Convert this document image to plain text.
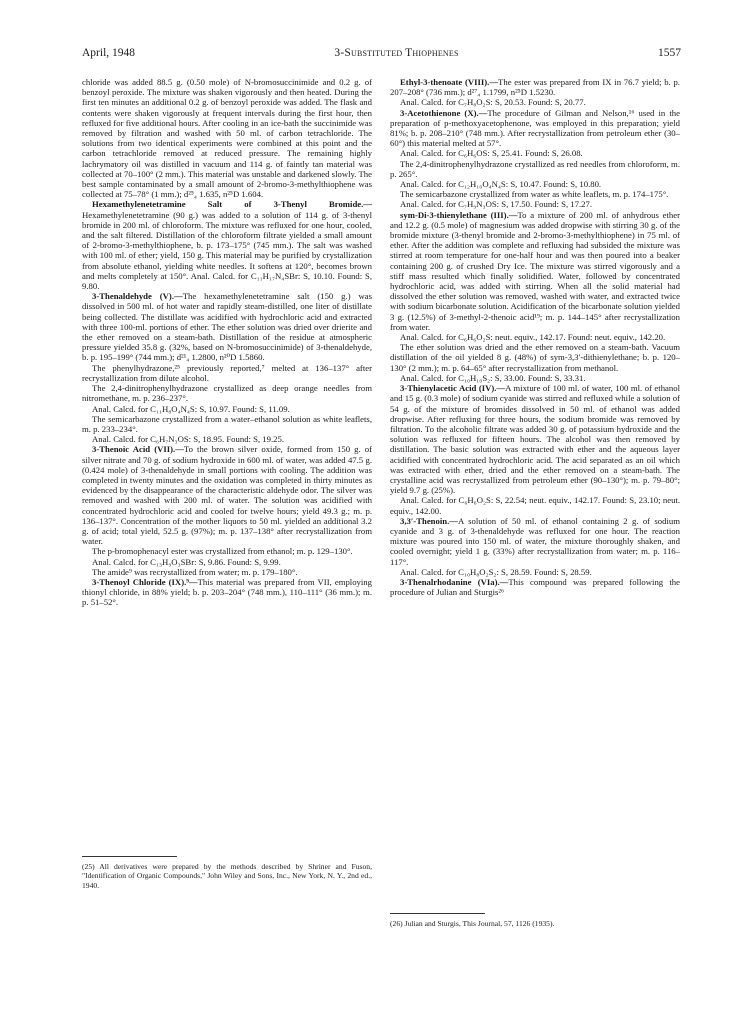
April, 1948	3-Substituted Thiophenes	1557

chloride was added 88.5 g. (0.50 mole) of N-bromosuccinimide and 0.2 g. of benzoyl peroxide. The mixture was shaken vigorously and then heated. During the first ten minutes an additional 0.2 g. of benzoyl peroxide was added. The flask and contents were shaken vigorously at frequent intervals during the first hour, then refluxed for five additional hours. After cooling in an ice-bath the succinimide was removed by filtration and washed with 50 ml. of carbon tetrachloride. The solutions from two identical experiments were combined at this point and the carbon tetrachloride removed at reduced pressure. The remaining highly lachrymatory oil was distilled in vacuum and 114 g. of faintly tan material was collected at 70–100° (2 mm.). This material was unstable and darkened slowly. The best sample contaminated by a small amount of 2-bromo-3-methylthiophene was collected at 75–78° (1 mm.); d²⁵₄ 1.635, n²⁵D 1.604.

Hexamethylenetetramine Salt of 3-Thenyl Bromide.—Hexamethylenetetramine (90 g.) was added to a solution of 114 g. of 3-thenyl bromide in 200 ml. of chloroform. The mixture was refluxed for one hour, cooled, and the salt filtered. Distillation of the chloroform filtrate yielded a small amount of 2-bromo-3-methylthiophene, b. p. 173–175° (745 mm.). The salt was washed with 100 ml. of ether; yield, 150 g. This material may be purified by crystallization from absolute ethanol, yielding white needles. It softens at 120°, becomes brown and melts completely at 150°. Anal. Calcd. for C₁₁H₁₇N₄SBr: S, 10.10. Found: S, 9.80.

3-Thenaldehyde (V).—The hexamethylenetetramine salt (150 g.) was dissolved in 500 ml. of hot water and rapidly steam-distilled, one liter of distillate being collected. The distillate was acidified with hydrochloric acid and extracted with three 100-ml. portions of ether. The ether solution was dried over drierite and the ether removed on a steam-bath. Distillation of the residue at atmospheric pressure yielded 35.8 g. (32%, based on N-bromosuccinimide) of 3-thenaldehyde, b. p. 195–199° (744 mm.); d²¹₄ 1.2800, n²⁰D 1.5860.

The phenylhydrazone,²⁵ previously reported,⁷ melted at 136–137° after recrystallization from dilute alcohol.

The 2,4-dinitrophenylhydrazone crystallized as deep orange needles from nitromethane, m. p. 236–237°.

Anal. Calcd. for C₁₁H₈O₄N₄S: S, 10.97. Found: S, 11.09.

The semicarbazone crystallized from a water–ethanol solution as white leaflets, m. p. 233–234°.

Anal. Calcd. for C₆H₇N₃OS: S, 18.95. Found: S, 19.25.

3-Thenoic Acid (VII).—To the brown silver oxide, formed from 150 g. of silver nitrate and 70 g. of sodium hydroxide in 600 ml. of water, was added 47.5 g. (0.424 mole) of 3-thenaldehyde in small portions with cooling. The addition was completed in twenty minutes and the oxidation was completed in thirty minutes as evidenced by the disappearance of the characteristic aldehyde odor. The silver was removed and washed with 200 ml. of water. The solution was acidified with concentrated hydrochloric acid and cooled for twelve hours; yield 49.3 g.; m. p. 136–137°. Concentration of the mother liquors to 50 ml. yielded an additional 3.2 g. of acid; total yield, 52.5 g. (97%); m. p. 137–138° after recrystallization from water.

The p-bromophenacyl ester was crystallized from ethanol; m. p. 129–130°.

Anal. Calcd. for C₁₃H₉O₃SBr: S, 9.86. Found: S, 9.99.

The amide⁹ was recrystallized from water; m. p. 179–180°.

3-Thenoyl Chloride (IX).⁹—This material was prepared from VII, employing thionyl chloride, in 88% yield; b. p. 203–204° (748 mm.), 110–111° (36 mm.); m. p. 51–52°.

Ethyl-3-thenoate (VIII).—The ester was prepared from IX in 76.7 yield; b. p. 207–208° (736 mm.); d²⁷₄ 1.1799, n²⁵D 1.5230.

Anal. Calcd. for C₇H₈O₂S: S, 20.53. Found: S, 20.77.

3-Acetothienone (X).—The procedure of Gilman and Nelson,¹⁶ used in the preparation of p-methoxyacetophenone, was employed in this preparation; yield 81%; b. p. 208–210° (748 mm.). After recrystallization from petroleum ether (30–60°) this material melted at 57°.

Anal. Calcd. for C₆H₆OS: S, 25.41. Found: S, 26.08.

The 2,4-dinitrophenylhydrazone crystallized as red needles from chloroform, m. p. 265°.

Anal. Calcd. for C₁₂H₁₀O₄N₄S: S, 10.47. Found: S, 10.80.

The semicarbazone crystallized from water as white leaflets, m. p. 174–175°.

Anal. Calcd. for C₇H₉N₃OS: S, 17.50. Found: S, 17.27.

sym-Di-3-thienylethane (III).—To a mixture of 200 ml. of anhydrous ether and 12.2 g. (0.5 mole) of magnesium was added dropwise with stirring 30 g. of the bromide mixture (3-thenyl bromide and 2-bromo-3-methylthiophene) in 75 ml. of ether. After the addition was complete and refluxing had subsided the mixture was stirred at room temperature for one-half hour and was then poured into a beaker containing 200 g. of crushed Dry Ice. The mixture was stirred vigorously and a stiff mass resulted which finally solidified. Water, followed by concentrated hydrochloric acid, was added with stirring. When all the solid material had dissolved the ether solution was removed, washed with water, and extracted twice with sodium bicarbonate solution. Acidification of the bicarbonate solution yielded 3 g. (12.5%) of 3-methyl-2-thenoic acid¹⁹; m. p. 144–145° after recrystallization from water.

Anal. Calcd. for C₆H₆O₂S: neut. equiv., 142.17. Found: neut. equiv., 142.20.

The ether solution was dried and the ether removed on a steam-bath. Vacuum distillation of the oil yielded 8 g. (48%) of sym-3,3′-dithienylethane; b. p. 120–130° (2 mm.); m. p. 64–65° after recrystallization from methanol.

Anal. Calcd. for C₁₀H₁₀S₂: S, 33.00. Found: S, 33.31.

3-Thienylacetic Acid (IV).—A mixture of 100 ml. of water, 100 ml. of ethanol and 15 g. (0.3 mole) of sodium cyanide was stirred and refluxed while a solution of 54 g. of the mixture of bromides dissolved in 50 ml. of ethanol was added dropwise. After refluxing for three hours, the sodium bromide was removed by filtration. To the alcoholic filtrate was added 30 g. of potassium hydroxide and the solution was refluxed for fifteen hours. The alcohol was then removed by distillation. The basic solution was extracted with ether and the aqueous layer acidified with concentrated hydrochloric acid. The acid separated as an oil which was extracted with ether, dried and the ether removed on a steam-bath. The crystalline acid was recrystallized from petroleum ether (90–130°); m. p. 79–80°; yield 9.7 g. (25%).

Anal. Calcd. for C₆H₆O₂S: S, 22.54; neut. equiv., 142.17. Found: S, 23.10; neut. equiv., 142.00.

3,3′-Thenoin.—A solution of 50 ml. of ethanol containing 2 g. of sodium cyanide and 3 g. of 3-thenaldehyde was refluxed for one hour. The reaction mixture was poured into 150 ml. of water, the mixture thoroughly shaken, and cooled overnight; yield 1 g. (33%) after recrystallization from water; m. p. 116–117°.

Anal. Calcd. for C₁₀H₈O₂S₂: S, 28.59. Found: S, 28.59.

3-Thenalrhodanine (VIa).—This compound was prepared following the procedure of Julian and Sturgis²⁶

(25) All derivatives were prepared by the methods described by Shriner and Fuson, "Identification of Organic Compounds," John Wiley and Sons, Inc., New York, N. Y., 2nd ed., 1940.
(26) Julian and Sturgis, This Journal, 57, 1126 (1935).
